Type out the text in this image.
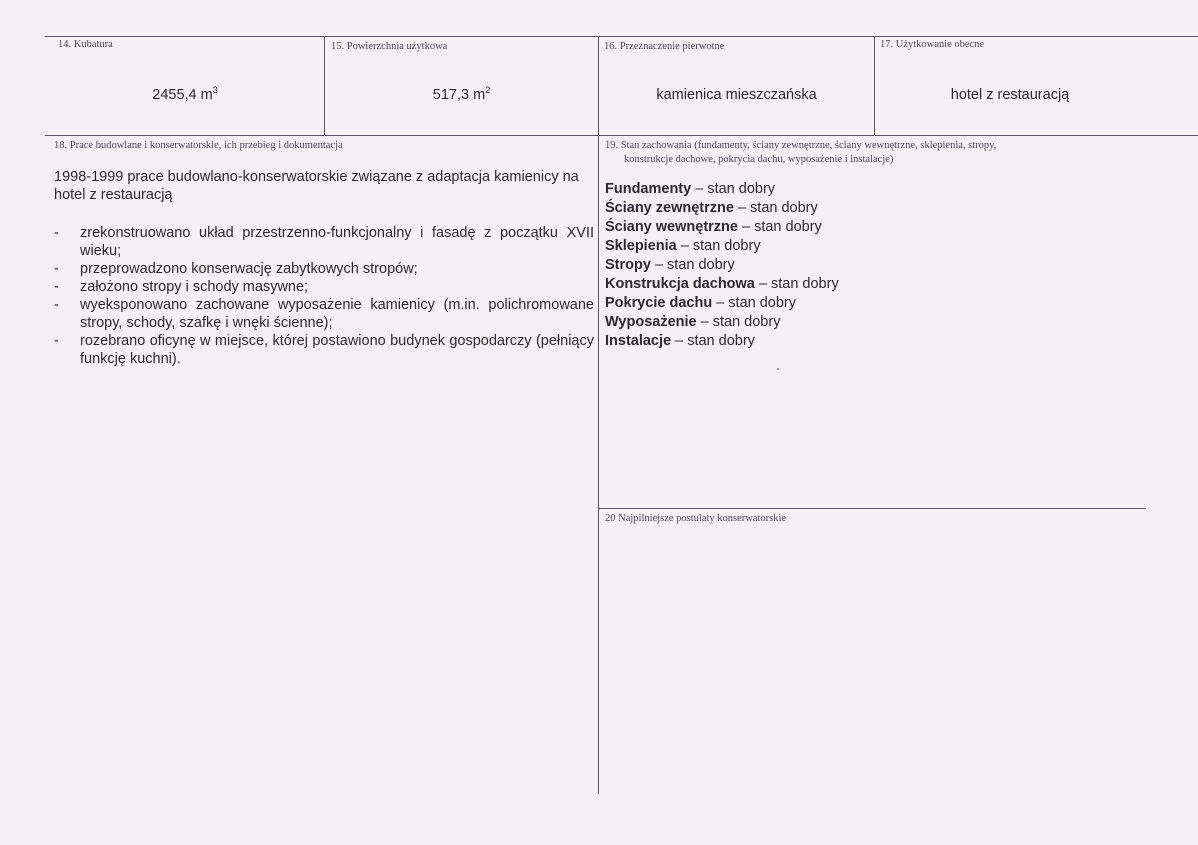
14. Kubatura
2455,4 $m^3$
15. Powierzchnia użytkowa
517,3 $m^2$
16. Przeznaczenie pierwotne
kamienica mieszczańska
17. Użytkowanie obecne
hotel z restauracją
18. Prace budowlane i konserwatorskie, ich przebieg i dokumentacja
1998-1999 prace budowlano-konserwatorskie związane z adaptacja kamienicy na hotel z restauracją
- zrekonstruowano układ przestrzenno-funkcjonalny i fasadę z początku XVII wieku;
- przeprowadzono konserwację zabytkowych stropów;
- założono stropy i schody masywne;
- wyeksponowano zachowane wyposażenie kamienicy (m.in. polichromowane stropy, schody, szafkę i wnęki ścienne);
- rozebrano oficynę w miejsce, której postawiono budynek gospodarczy (pełniący funkcję kuchni).
19. Stan zachowania (fundamenty, ściany zewnętrzne, ściany wewnętrzne, sklepienia, stropy,
konstrukcje dachowe, pokrycia dachu, wyposażenie i instalacje)
Fundamenty – stan dobry
Ściany zewnętrzne – stan dobry
Ściany wewnętrzne – stan dobry
Sklepienia – stan dobry
Stropy – stan dobry
Konstrukcja dachowa – stan dobry
Pokrycie dachu – stan dobry
Wyposażenie – stan dobry
Instalacje – stan dobry
20 Najpilniejsze postulaty konserwatorskie
